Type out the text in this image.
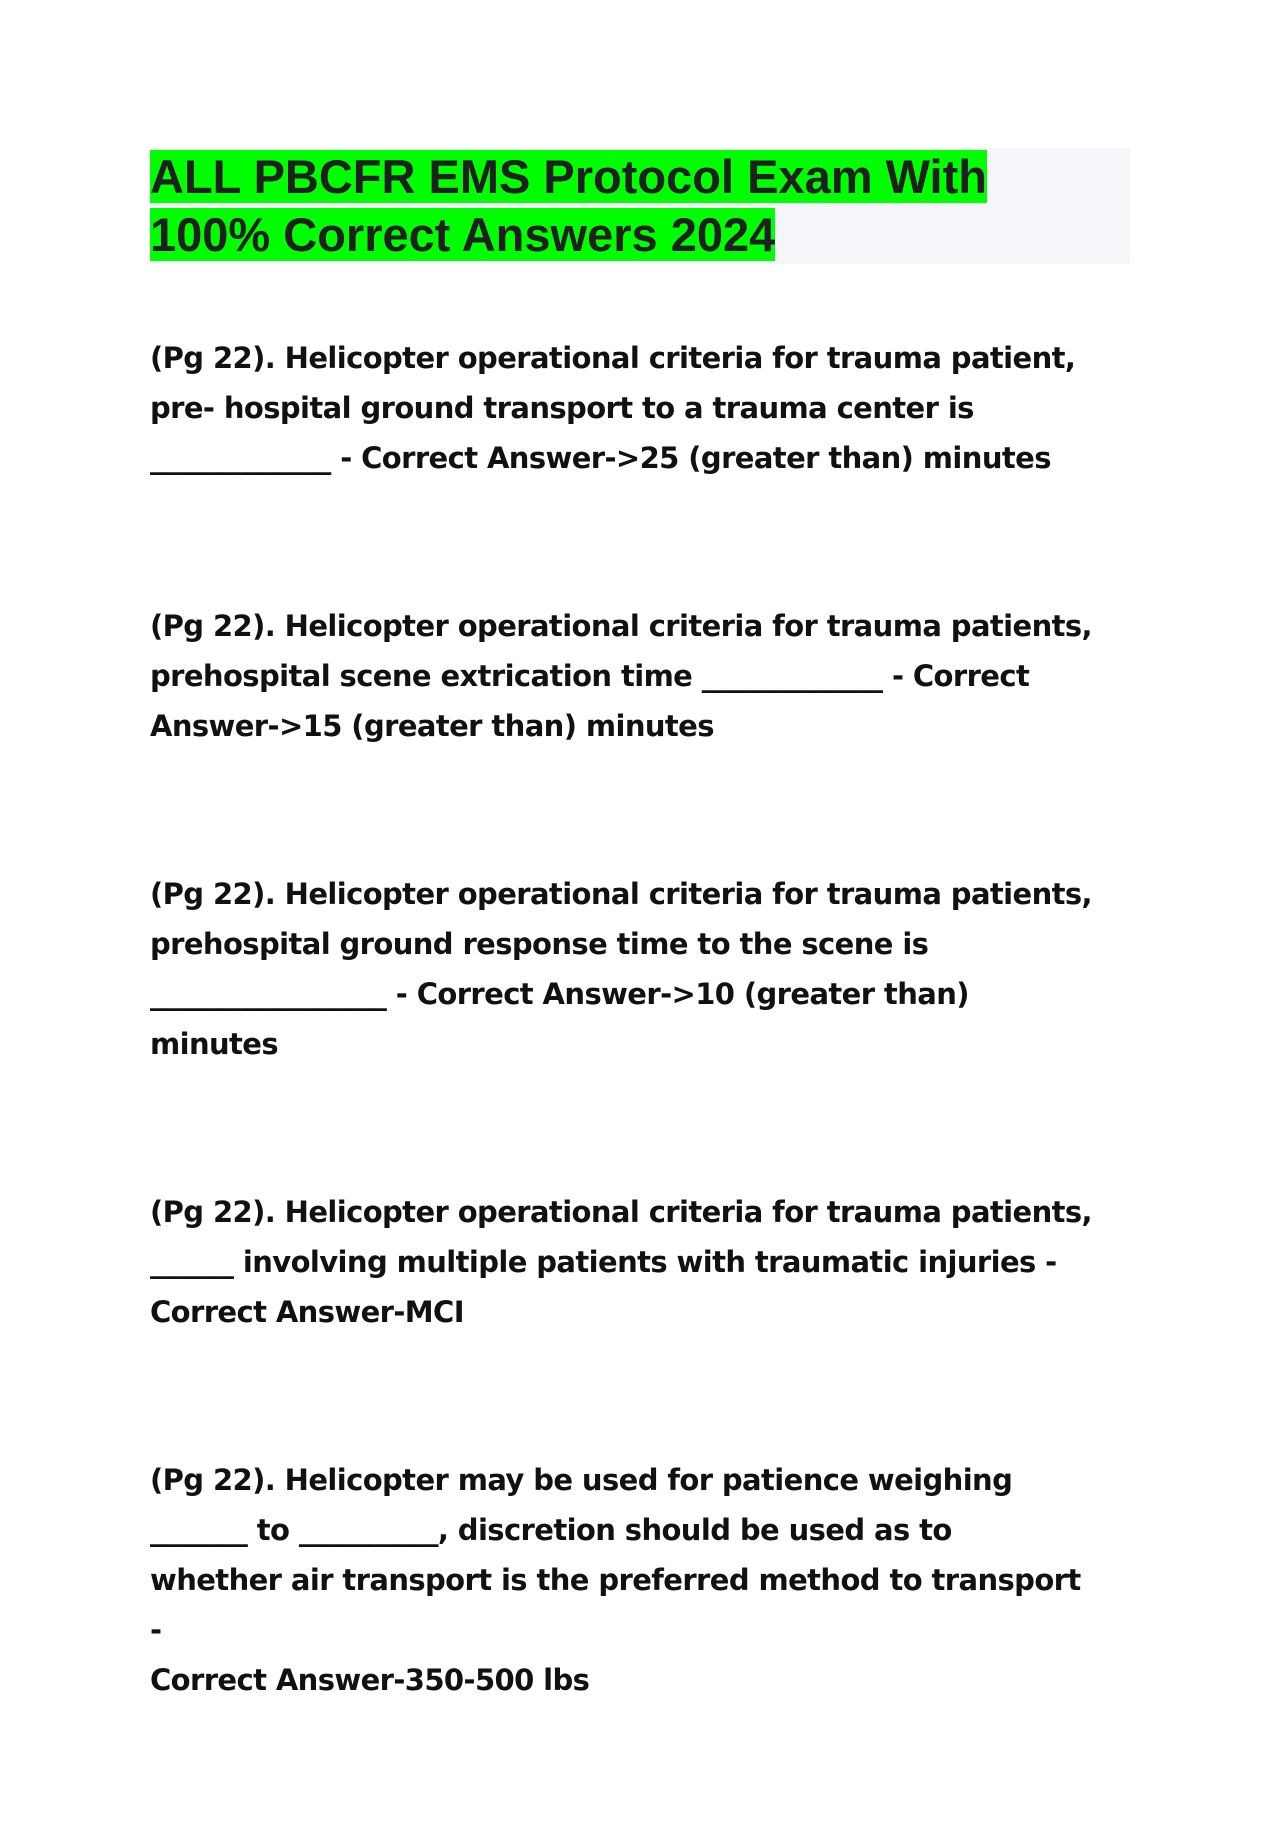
ALL PBCFR EMS Protocol Exam With
100% Correct Answers 2024

(Pg 22). Helicopter operational criteria for trauma patient,
pre- hospital ground transport to a trauma center is
_____________ - Correct Answer->25 (greater than) minutes

(Pg 22). Helicopter operational criteria for trauma patients,
prehospital scene extrication time _____________ - Correct
Answer->15 (greater than) minutes

(Pg 22). Helicopter operational criteria for trauma patients,
prehospital ground response time to the scene is
_________________ - Correct Answer->10 (greater than)
minutes

(Pg 22). Helicopter operational criteria for trauma patients,
______ involving multiple patients with traumatic injuries -
Correct Answer-MCI

(Pg 22). Helicopter may be used for patience weighing
_______ to __________, discretion should be used as to
whether air transport is the preferred method to transport -
Correct Answer-350-500 lbs
